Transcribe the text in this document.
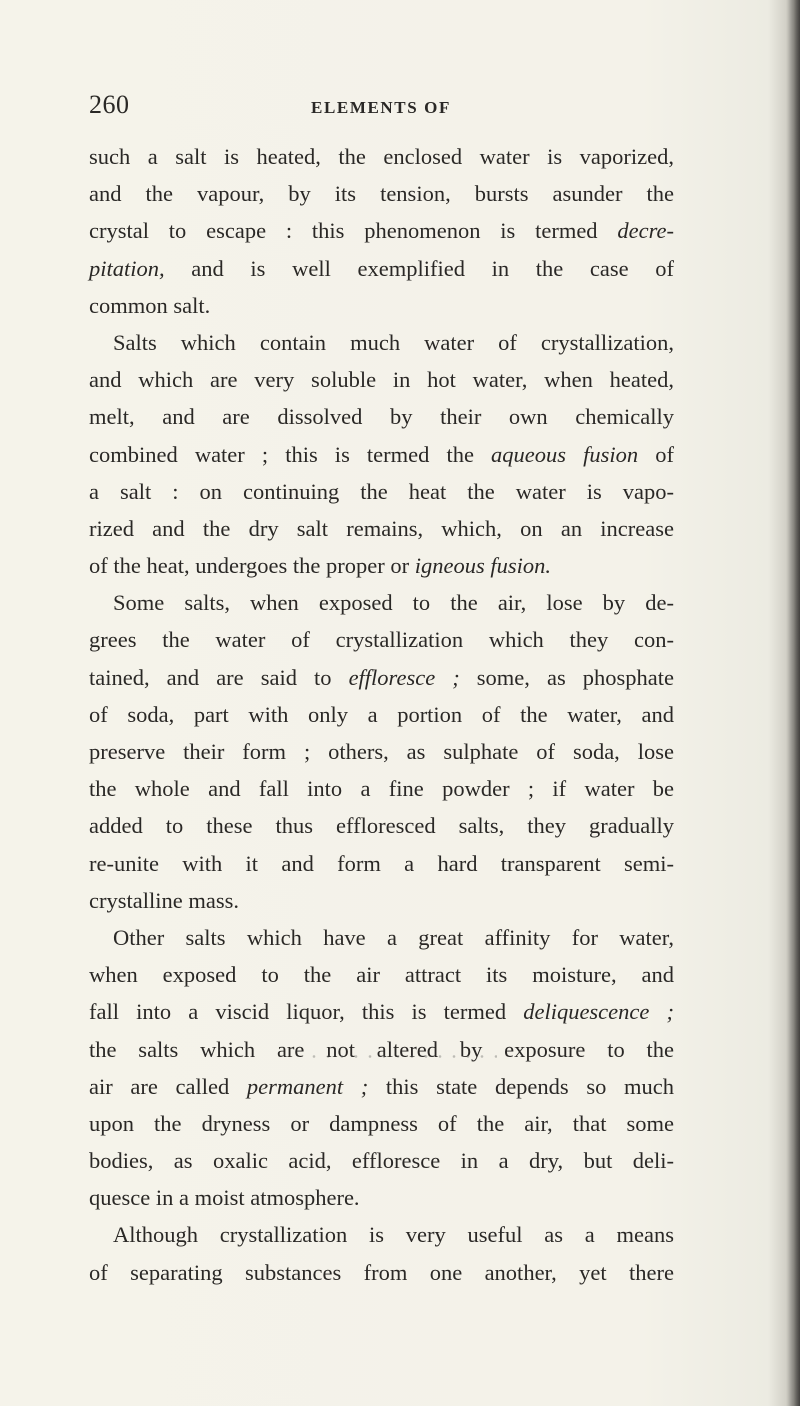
260	ELEMENTS OF
such a salt is heated, the enclosed water is vaporized,
and the vapour, by its tension, bursts asunder the
crystal to escape : this phenomenon is termed decre-
pitation, and is well exemplified in the case of
common salt.
Salts which contain much water of crystallization,
and which are very soluble in hot water, when heated,
melt, and are dissolved by their own chemically
combined water ; this is termed the aqueous fusion of
a salt : on continuing the heat the water is vapo-
rized and the dry salt remains, which, on an increase
of the heat, undergoes the proper or igneous fusion.
Some salts, when exposed to the air, lose by de-
grees the water of crystallization which they con-
tained, and are said to effloresce ; some, as phosphate
of soda, part with only a portion of the water, and
preserve their form ; others, as sulphate of soda, lose
the whole and fall into a fine powder ; if water be
added to these thus effloresced salts, they gradually
re-unite with it and form a hard transparent semi-
crystalline mass.
Other salts which have a great affinity for water,
when exposed to the air attract its moisture, and
fall into a viscid liquor, this is termed deliquescence ;
the salts which are not altered by exposure to the
air are called permanent ; this state depends so much
upon the dryness or dampness of the air, that some
bodies, as oxalic acid, effloresce in a dry, but deli-
quesce in a moist atmosphere.
Although crystallization is very useful as a means
of separating substances from one another, yet there
